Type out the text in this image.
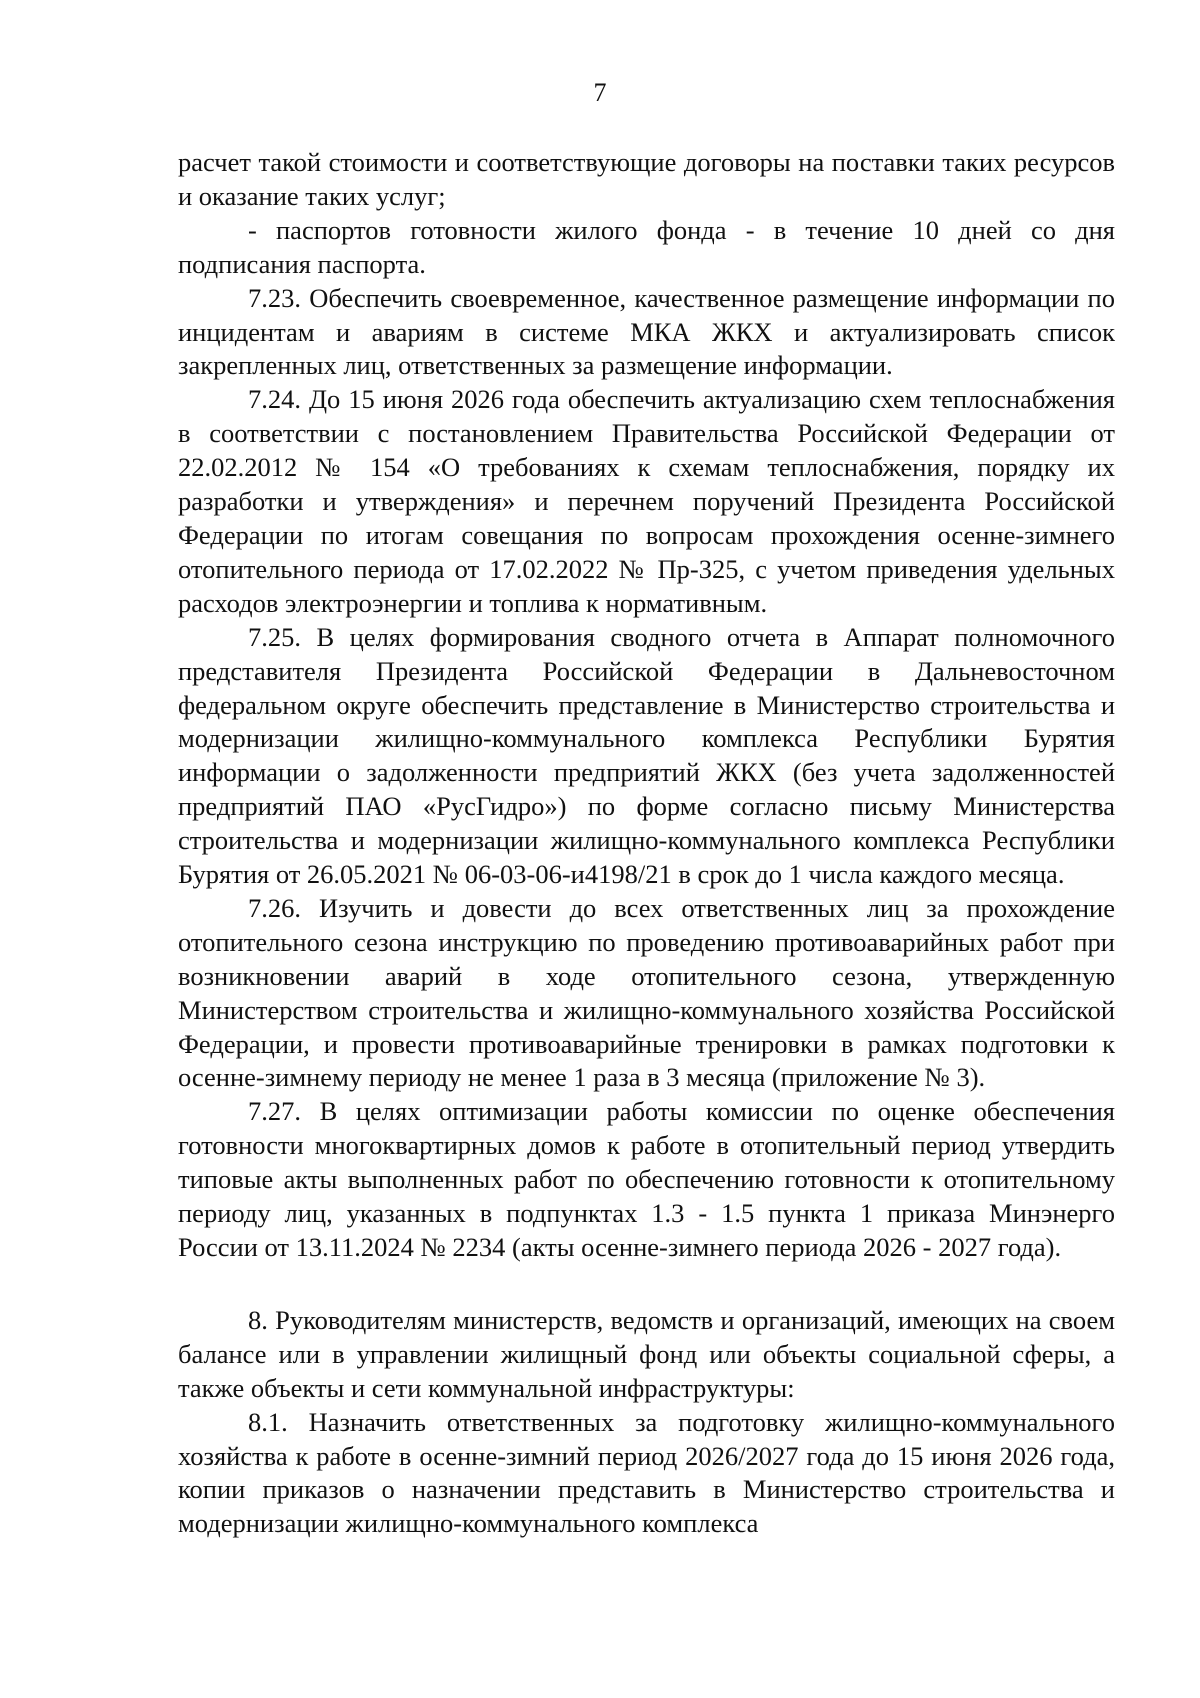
7

расчет такой стоимости и соответствующие договоры на поставки таких ресурсов и оказание таких услуг;

- паспортов готовности жилого фонда - в течение 10 дней со дня подписания паспорта.

7.23. Обеспечить своевременное, качественное размещение информации по инцидентам и авариям в системе МКА ЖКХ и актуализировать список закрепленных лиц, ответственных за размещение информации.

7.24. До 15 июня 2026 года обеспечить актуализацию схем теплоснабжения в соответствии с постановлением Правительства Российской Федерации от 22.02.2012 № 154 «О требованиях к схемам теплоснабжения, порядку их разработки и утверждения» и перечнем поручений Президента Российской Федерации по итогам совещания по вопросам прохождения осенне-зимнего отопительного периода от 17.02.2022 № Пр-325, с учетом приведения удельных расходов электроэнергии и топлива к нормативным.

7.25. В целях формирования сводного отчета в Аппарат полномочного представителя Президента Российской Федерации в Дальневосточном федеральном округе обеспечить представление в Министерство строительства и модернизации жилищно-коммунального комплекса Республики Бурятия информации о задолженности предприятий ЖКХ (без учета задолженностей предприятий ПАО «РусГидро») по форме согласно письму Министерства строительства и модернизации жилищно-коммунального комплекса Республики Бурятия от 26.05.2021 № 06-03-06-и4198/21 в срок до 1 числа каждого месяца.

7.26. Изучить и довести до всех ответственных лиц за прохождение отопительного сезона инструкцию по проведению противоаварийных работ при возникновении аварий в ходе отопительного сезона, утвержденную Министерством строительства и жилищно-коммунального хозяйства Российской Федерации, и провести противоаварийные тренировки в рамках подготовки к осенне-зимнему периоду не менее 1 раза в 3 месяца (приложение № 3).

7.27. В целях оптимизации работы комиссии по оценке обеспечения готовности многоквартирных домов к работе в отопительный период утвердить типовые акты выполненных работ по обеспечению готовности к отопительному периоду лиц, указанных в подпунктах 1.3 - 1.5 пункта 1 приказа Минэнерго России от 13.11.2024 № 2234 (акты осенне-зимнего периода 2026 - 2027 года).

8. Руководителям министерств, ведомств и организаций, имеющих на своем балансе или в управлении жилищный фонд или объекты социальной сферы, а также объекты и сети коммунальной инфраструктуры:

8.1. Назначить ответственных за подготовку жилищно-коммунального хозяйства к работе в осенне-зимний период 2026/2027 года до 15 июня 2026 года, копии приказов о назначении представить в Министерство строительства и модернизации жилищно-коммунального комплекса
